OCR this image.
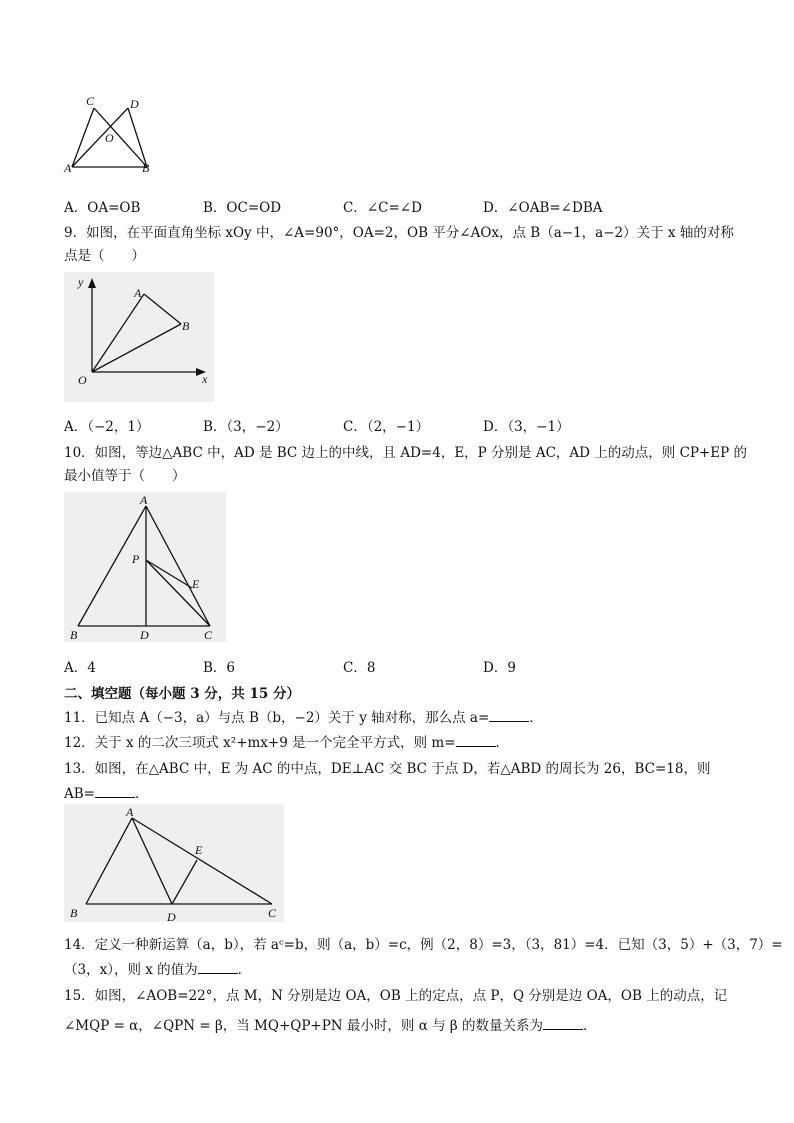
C	D
O
A	B
A．OA=OB	B．OC=OD	C．∠C=∠D	D．∠OAB=∠DBA
9．如图，在平面直角坐标 xOy 中，∠A=90°，OA=2，OB 平分∠AOx，点 B（a−1，a−2）关于 x 轴的对称
点是（　　）
y
x
O
A
B
A．（−2，1）	B．（3，−2）	C．（2，−1）	D．（3，−1）
10．如图，等边△ABC 中，AD 是 BC 边上的中线，且 AD=4，E，P 分别是 AC，AD 上的动点，则 CP+EP 的
最小值等于（　　）
A
P
E
B	D	C
A．4	B．6	C．8	D．9
二、填空题（每小题 3 分，共 15 分）
11．已知点 A（−3，a）与点 B（b，−2）关于 y 轴对称，那么点 a=	．
12．关于 x 的二次三项式 x²+mx+9 是一个完全平方式，则 m=	．
13．如图，在△ABC 中，E 为 AC 的中点，DE⊥AC 交 BC 于点 D，若△ABD 的周长为 26，BC=18，则
AB=	．
A
E
B	D	C
14．定义一种新运算（a，b），若 aᶜ=b，则（a，b）=c，例（2，8）=3，（3，81）=4．已知（3，5）+（3，7）=
（3，x），则 x 的值为	．
15．如图，∠AOB=22°，点 M，N 分别是边 OA，OB 上的定点，点 P，Q 分别是边 OA，OB 上的动点，记
∠MQP = α，∠QPN = β，当 MQ+QP+PN 最小时，则 α 与 β 的数量关系为	．
